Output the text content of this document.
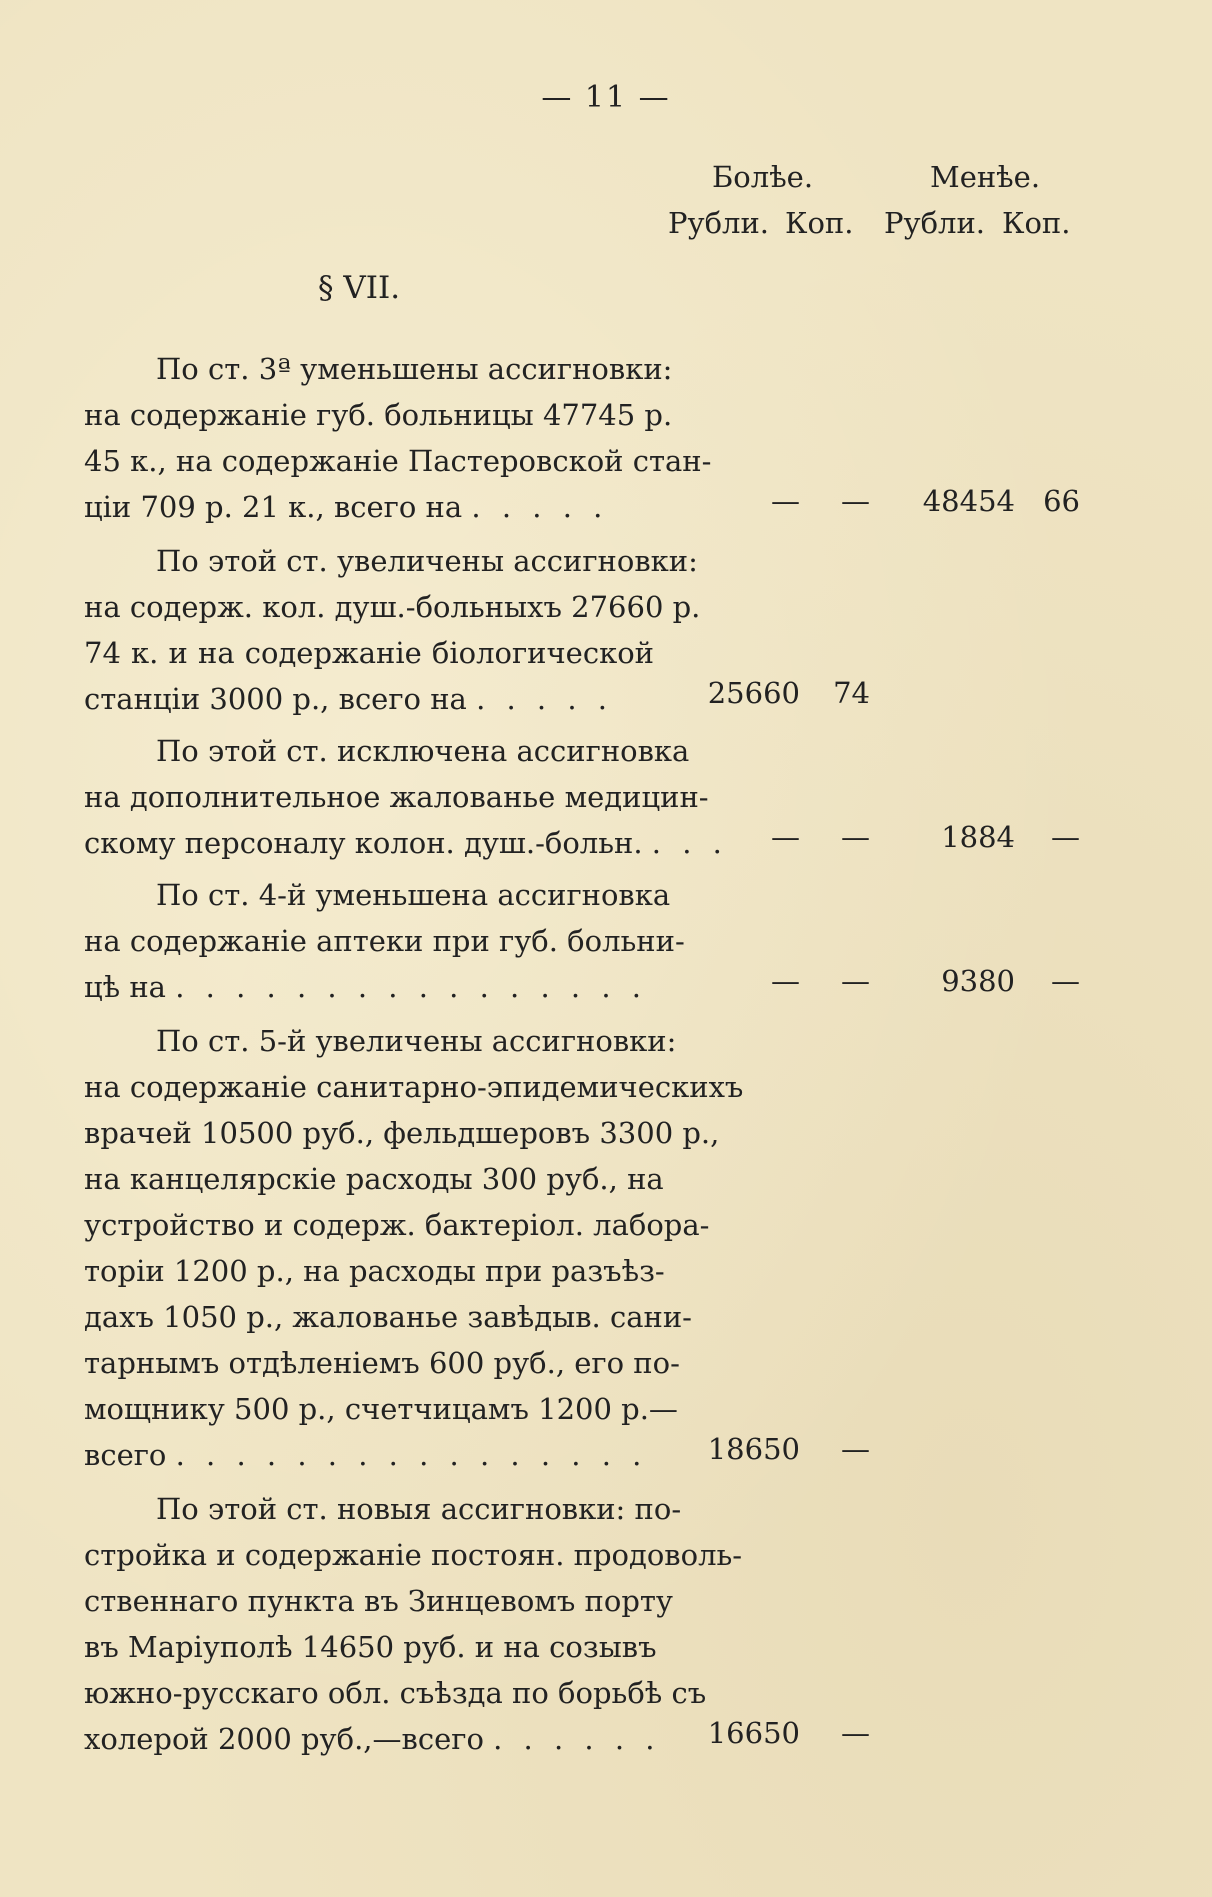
— 11 —
Болѣе.	Менѣе.
Рубли. Коп. Рубли. Коп.
§ VII.
По ст. 3ª уменьшены ассигновки:
на содержаніе губ. больницы 47745 р.
45 к., на содержаніе Пастеровской стан-
ціи 709 р. 21 к., всего на . . . . .	—	—	48454 66
По этой ст. увеличены ассигновки:
на содерж. кол. душ.-больныхъ 27660 р.
74 к. и на содержаніе біологической
станціи 3000 р., всего на . . . . .	25660	74
По этой ст. исключена ассигновка
на дополнительное жалованье медицин-
скому персоналу колон. душ.-больн. . . .	—	—	1884	—
По ст. 4-й уменьшена ассигновка
на содержаніе аптеки при губ. больни-
цѣ на . . . . . . . . . . . . . . . .	—	—	9380	—
По ст. 5-й увеличены ассигновки:
на содержаніе санитарно-эпидемическихъ
врачей 10500 руб., фельдшеровъ 3300 р.,
на канцелярскіе расходы 300 руб., на
устройство и содерж. бактеріол. лабора-
торіи 1200 р., на расходы при разъѣз-
дахъ 1050 р., жалованье завѣдыв. сани-
тарнымъ отдѣленіемъ 600 руб., его по-
мощнику 500 р., счетчицамъ 1200 р.—
всего . . . . . . . . . . . . . . . .	18650	—
По этой ст. новыя ассигновки: по-
стройка и содержаніе постоян. продоволь-
ственнаго пункта въ Зинцевомъ порту
въ Маріуполѣ 14650 руб. и на созывъ
южно-русскаго обл. съѣзда по борьбѣ съ
холерой 2000 руб.,—всего . . . . . .	16650	—
